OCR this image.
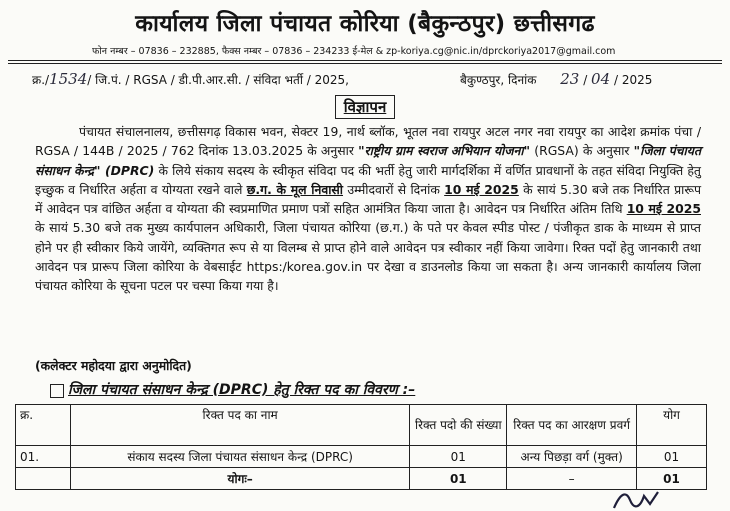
कार्यालय जिला पंचायत कोरिया (बैकुन्ठपुर) छत्तीसगढ
फोन नम्बर – 07836 – 232885, फैक्स नम्बर – 07836 – 234233 ई-मेल & zp-koriya.cg@nic.in/dprckoriya2017@gmail.com
क्र./1534/ जि.पं. / RGSA / डी.पी.आर.सी. / संविदा भर्ती / 2025,	बैकुण्ठपुर, दिनांक 23 / 04 / 2025
विज्ञापन
पंचायत संचालनालय, छत्तीसगढ़ विकास भवन, सेक्टर 19, नार्थ ब्लॉक, भूतल नवा रायपुर अटल नगर नवा रायपुर का आदेश क्रमांक पंचा / RGSA / 144B / 2025 / 762 दिनांक 13.03.2025 के अनुसार "राष्ट्रीय ग्राम स्वराज अभियान योजना" (RGSA) के अनुसार "जिला पंचायत संसाधन केन्द्र" (DPRC) के लिये संकाय सदस्य के स्वीकृत संविदा पद की भर्ती हेतु जारी मार्गदर्शिका में वर्णित प्रावधानों के तहत संविदा नियुक्ति हेतु इच्छुक व निर्धारित अर्हता व योग्यता रखने वाले छ.ग. के मूल निवासी उम्मीदवारों से दिनांक 10 मई 2025 के सायं 5.30 बजे तक निर्धारित प्रारूप में आवेदन पत्र वांछित अर्हता व योग्यता की स्वप्रमाणित प्रमाण पत्रों सहित आमंत्रित किया जाता है। आवेदन पत्र निर्धारित अंतिम तिथि 10 मई 2025 के सायं 5.30 बजे तक मुख्य कार्यपालन अधिकारी, जिला पंचायत कोरिया (छ.ग.) के पते पर केवल स्पीड पोस्ट / पंजीकृत डाक के माध्यम से प्राप्त होने पर ही स्वीकार किये जायेंगे, व्यक्तिगत रूप से या विलम्ब से प्राप्त होने वाले आवेदन पत्र स्वीकार नहीं किया जावेगा। रिक्त पदों हेतु जानकारी तथा आवेदन पत्र प्रारूप जिला कोरिया के वेबसाईट https:/korea.gov.in पर देखा व डाउनलोड किया जा सकता है। अन्य जानकारी कार्यालय जिला पंचायत कोरिया के सूचना पटल पर चस्पा किया गया है।
(कलेक्टर महोदया द्वारा अनुमोदित)
जिला पंचायत संसाधन केन्द्र (DPRC) हेतु रिक्त पद का विवरण :–
क्र.	रिक्त पद का नाम	रिक्त पदो की संख्या	रिक्त पद का आरक्षण प्रवर्ग	योग
01.	संकाय सदस्य जिला पंचायत संसाधन केन्द्र (DPRC)	01	अन्य पिछड़ा वर्ग (मुक्त)	01
	योगः–	01	–	01
